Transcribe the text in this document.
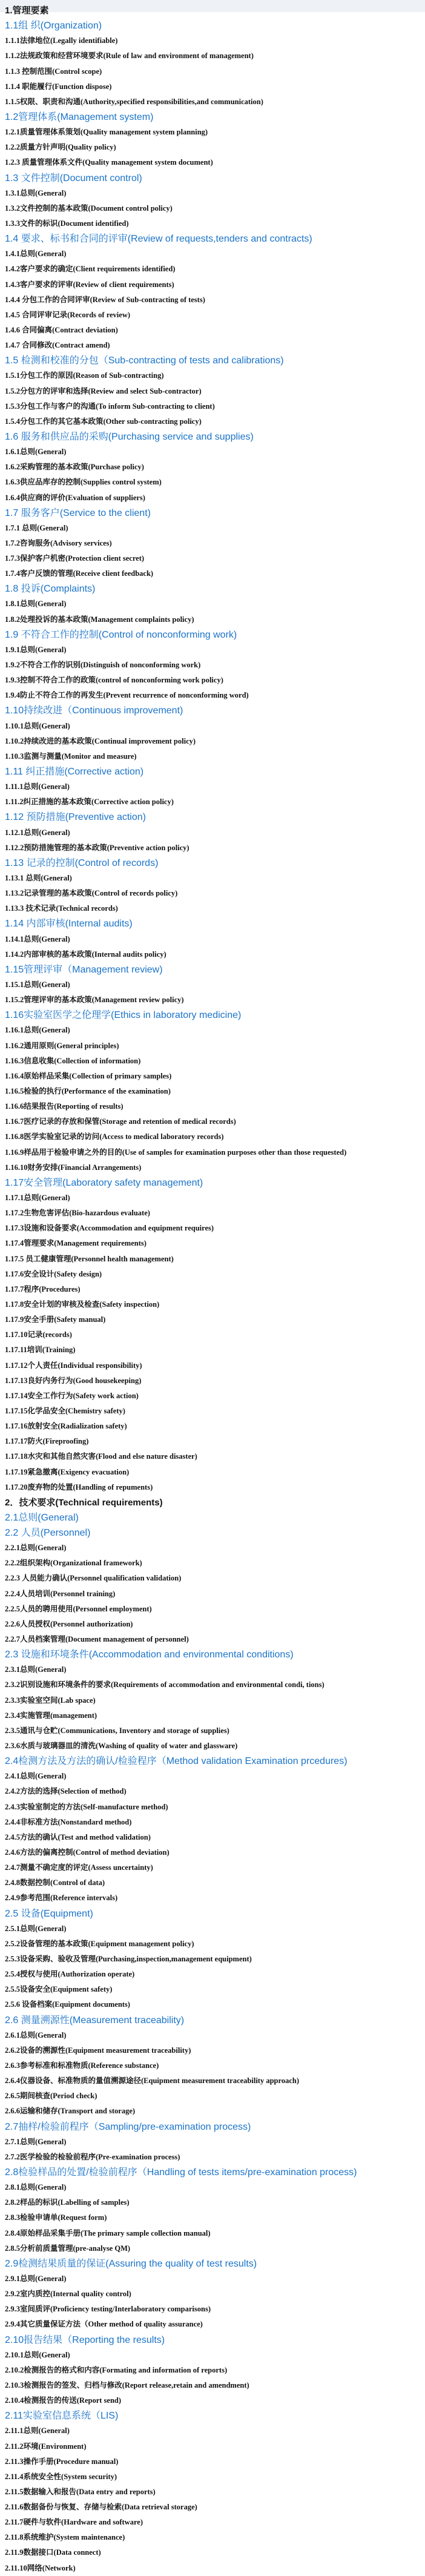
1.管理要素
1.1组 织(Organization)
1.1.1法律地位(Legally identifiable)
1.1.2法规政策和经营环境要求(Rule of law and environment of management)
1.1.3 控制范围(Control scope)
1.1.4 职能履行(Function dispose)
1.1.5权限、职责和沟通(Authority,specified responsibilities,and communication)
1.2管理体系(Management system)
1.2.1质量管理体系策划(Quality management system planning)
1.2.2质量方针声明(Quality policy)
1.2.3 质量管理体系文件(Quality management system document)
1.3 文件控制(Document control)
1.3.1总则(General)
1.3.2文件控制的基本政策(Document control policy)
1.3.3文件的标识(Document identified)
1.4 要求、标书和合同的评审(Review of requests,tenders and contracts)
1.4.1总则(General)
1.4.2客户要求的确定(Client requirements identified)
1.4.3客户要求的评审(Review of client requirements)
1.4.4 分包工作的合同评审(Review of Sub-contracting of tests)
1.4.5 合同评审记录(Records of review)
1.4.6 合同偏离(Contract deviation)
1.4.7 合同修改(Contract amend)
1.5 检测和校准的分包（Sub-contracting of tests and calibrations)
1.5.1分包工作的原因(Reason of Sub-contracting)
1.5.2分包方的评审和选择(Review and select Sub-contractor)
1.5.3分包工作与客户的沟通(To inform Sub-contracting to client)
1.5.4分包工作的其它基本政策(Other sub-contracting policy)
1.6 服务和供应品的采购(Purchasing service and supplies)
1.6.1总则(General)
1.6.2采购管理的基本政策(Purchase policy)
1.6.3供应品库存的控制(Supplies control system)
1.6.4供应商的评价(Evaluation of suppliers)
1.7 服务客户(Service to the client)
1.7.1 总则(General)
1.7.2咨询服务(Advisory services)
1.7.3保护客户机密(Protection client secret)
1.7.4客户反馈的管理(Receive client feedback)
1.8 投诉(Complaints)
1.8.1总则(General)
1.8.2处理投诉的基本政策(Management complaints policy)
1.9 不符合工作的控制(Control of nonconforming work)
1.9.1总则(General)
1.9.2不符合工作的识别(Distinguish of nonconforming work)
1.9.3控制不符合工作的政策(control of nonconforming work policy)
1.9.4防止不符合工作的再发生(Prevent recurrence of nonconforming word)
1.10持续改进（Continuous improvement)
1.10.1总则(General)
1.10.2持续改进的基本政策(Continual improvement policy)
1.10.3监测与测量(Monitor and measure)
1.11 纠正措施(Corrective action)
1.11.1总则(General)
1.11.2纠正措施的基本政策(Corrective action policy)
1.12 预防措施(Preventive action)
1.12.1总则(General)
1.12.2预防措施管理的基本政策(Preventive action policy)
1.13 记录的控制(Control of records)
1.13.1 总则(General)
1.13.2记录管理的基本政策(Control of records policy)
1.13.3 技术记录(Technical records)
1.14 内部审核(Internal audits)
1.14.1总则(General)
1.14.2内部审核的基本政策(Internal audits policy)
1.15管理评审（Management review)
1.15.1总则(General)
1.15.2管理评审的基本政策(Management review policy)
1.16实验室医学之伦理学(Ethics in laboratory medicine)
1.16.1总则(General)
1.16.2通用原则(General principles)
1.16.3信息收集(Collection of information)
1.16.4原始样品采集(Collection of primary samples)
1.16.5检验的执行(Performance of the examination)
1.16.6结果报告(Reporting of results)
1.16.7医疗记录的存放和保管(Storage and retention of medical records)
1.16.8医学实验室记录的访问(Access to medical laboratory records)
1.16.9样品用于检验申请之外的目的(Use of samples for examination purposes other than those requested)
1.16.10财务安排(Financial Arrangements)
1.17安全管理(Laboratory safety management)
1.17.1总则(General)
1.17.2生物危害评估(Bio-hazardous evaluate)
1.17.3设施和设备要求(Accommodation and equipment requires)
1.17.4管理要求(Management requirements)
1.17.5 员工健康管理(Personnel health management)
1.17.6安全设计(Safety design)
1.17.7程序(Procedures)
1.17.8安全计划的审核及检查(Safety inspection)
1.17.9安全手册(Safety manual)
1.17.10记录(records)
1.17.11培训(Training)
1.17.12个人责任(Individual responsibility)
1.17.13良好内务行为(Good housekeeping)
1.17.14安全工作行为(Safety work action)
1.17.15化学品安全(Chemistry safety)
1.17.16放射安全(Radialization safety)
1.17.17防火(Fireproofing)
1.17.18水灾和其他自然灾害(Flood and else nature disaster)
1.17.19紧急撤离(Exigency evacuation)
1.17.20废弃物的处置(Handling of repuments)
2．技术要求(Technical requirements)
2.1总则(General)
2.2 人员(Personnel)
2.2.1总则(General)
2.2.2组织架构(Organizational framework)
2.2.3 人员能力确认(Personnel qualification validation)
2.2.4人员培训(Personnel training)
2.2.5人员的聘用使用(Personnel employment)
2.2.6人员授权(Personnel authorization)
2.2.7人员档案管理(Document management of personnel)
2.3 设施和环境条件(Accommodation and environmental conditions)
2.3.1总则(General)
2.3.2识别设施和环境条件的要求(Requirements of accommodation and environmental condi, tions)
2.3.3实验室空间(Lab space)
2.3.4实施管理(management)
2.3.5通讯与仓贮(Communications, Inventory and storage of supplies)
2.3.6水质与玻璃器皿的清洗(Washing of quality of water and glassware)
2.4检测方法及方法的确认/检验程序（Method validation Examination prcedures)
2.4.1总则(General)
2.4.2方法的选择(Selection of method)
2.4.3实验室制定的方法(Self-manufacture method)
2.4.4非标准方法(Nonstandard method)
2.4.5方法的确认(Test and method validation)
2.4.6方法的偏离控制(Control of method deviation)
2.4.7测量不确定度的评定(Assess uncertainty)
2.4.8数据控制(Control of data)
2.4.9参考范围(Reference intervals)
2.5 设备(Equipment)
2.5.1总则(General)
2.5.2设备管理的基本政策(Equipment management policy)
2.5.3设备采购、验收及管理(Purchasing,inspection,management equipment)
2.5.4授权与使用(Authorization operate)
2.5.5设备安全(Equipment safety)
2.5.6 设备档案(Equipment documents)
2.6 测量溯源性(Measurement traceability)
2.6.1总则(General)
2.6.2设备的溯源性(Equipment measurement traceability)
2.6.3参考标准和标准物质(Reference substance)
2.6.4仪器设备、标准物质的量值溯源途径(Equipment measurement traceability approach)
2.6.5期间核查(Period check)
2.6.6运输和储存(Transport and storage)
2.7抽样/检验前程序（Sampling/pre-examination process)
2.7.1总则(General)
2.7.2医学检验的检验前程序(Pre-examination process)
2.8检验样品的处置/检验前程序（Handling of tests items/pre-examination process)
2.8.1总则(General)
2.8.2样品的标识(Labelling of samples)
2.8.3检验申请单(Request form)
2.8.4原始样品采集手册(The primary sample collection manual)
2.8.5分析前质量管理(pre-analyse QM)
2.9检测结果质量的保证(Assuring the quality of test results)
2.9.1总则(General)
2.9.2室内质控(Internal quality control)
2.9.3室间质评(Proficiency testing/Interlaboratory comparisons)
2.9.4其它质量保证方法（Other method of quality assurance)
2.10报告结果（Reporting the results)
2.10.1总则(General)
2.10.2检测报告的格式和内容(Formating and information of reports)
2.10.3检测报告的签发、归档与修改(Report release,retain and amendment)
2.10.4检测报告的传送(Report send)
2.11实验室信息系统（LIS)
2.11.1总则(General)
2.11.2环境(Environment)
2.11.3操作手册(Procedure manual)
2.11.4系统安全性(System security)
2.11.5数据输入和报告(Data entry and reports)
2.11.6数据备份与恢复、存储与检索(Data retrieval storage)
2.11.7硬件与软件(Hardware and software)
2.11.8系统维护(System maintenance)
2.11.9数据接口(Data connect)
2.11.10网络(Network)
